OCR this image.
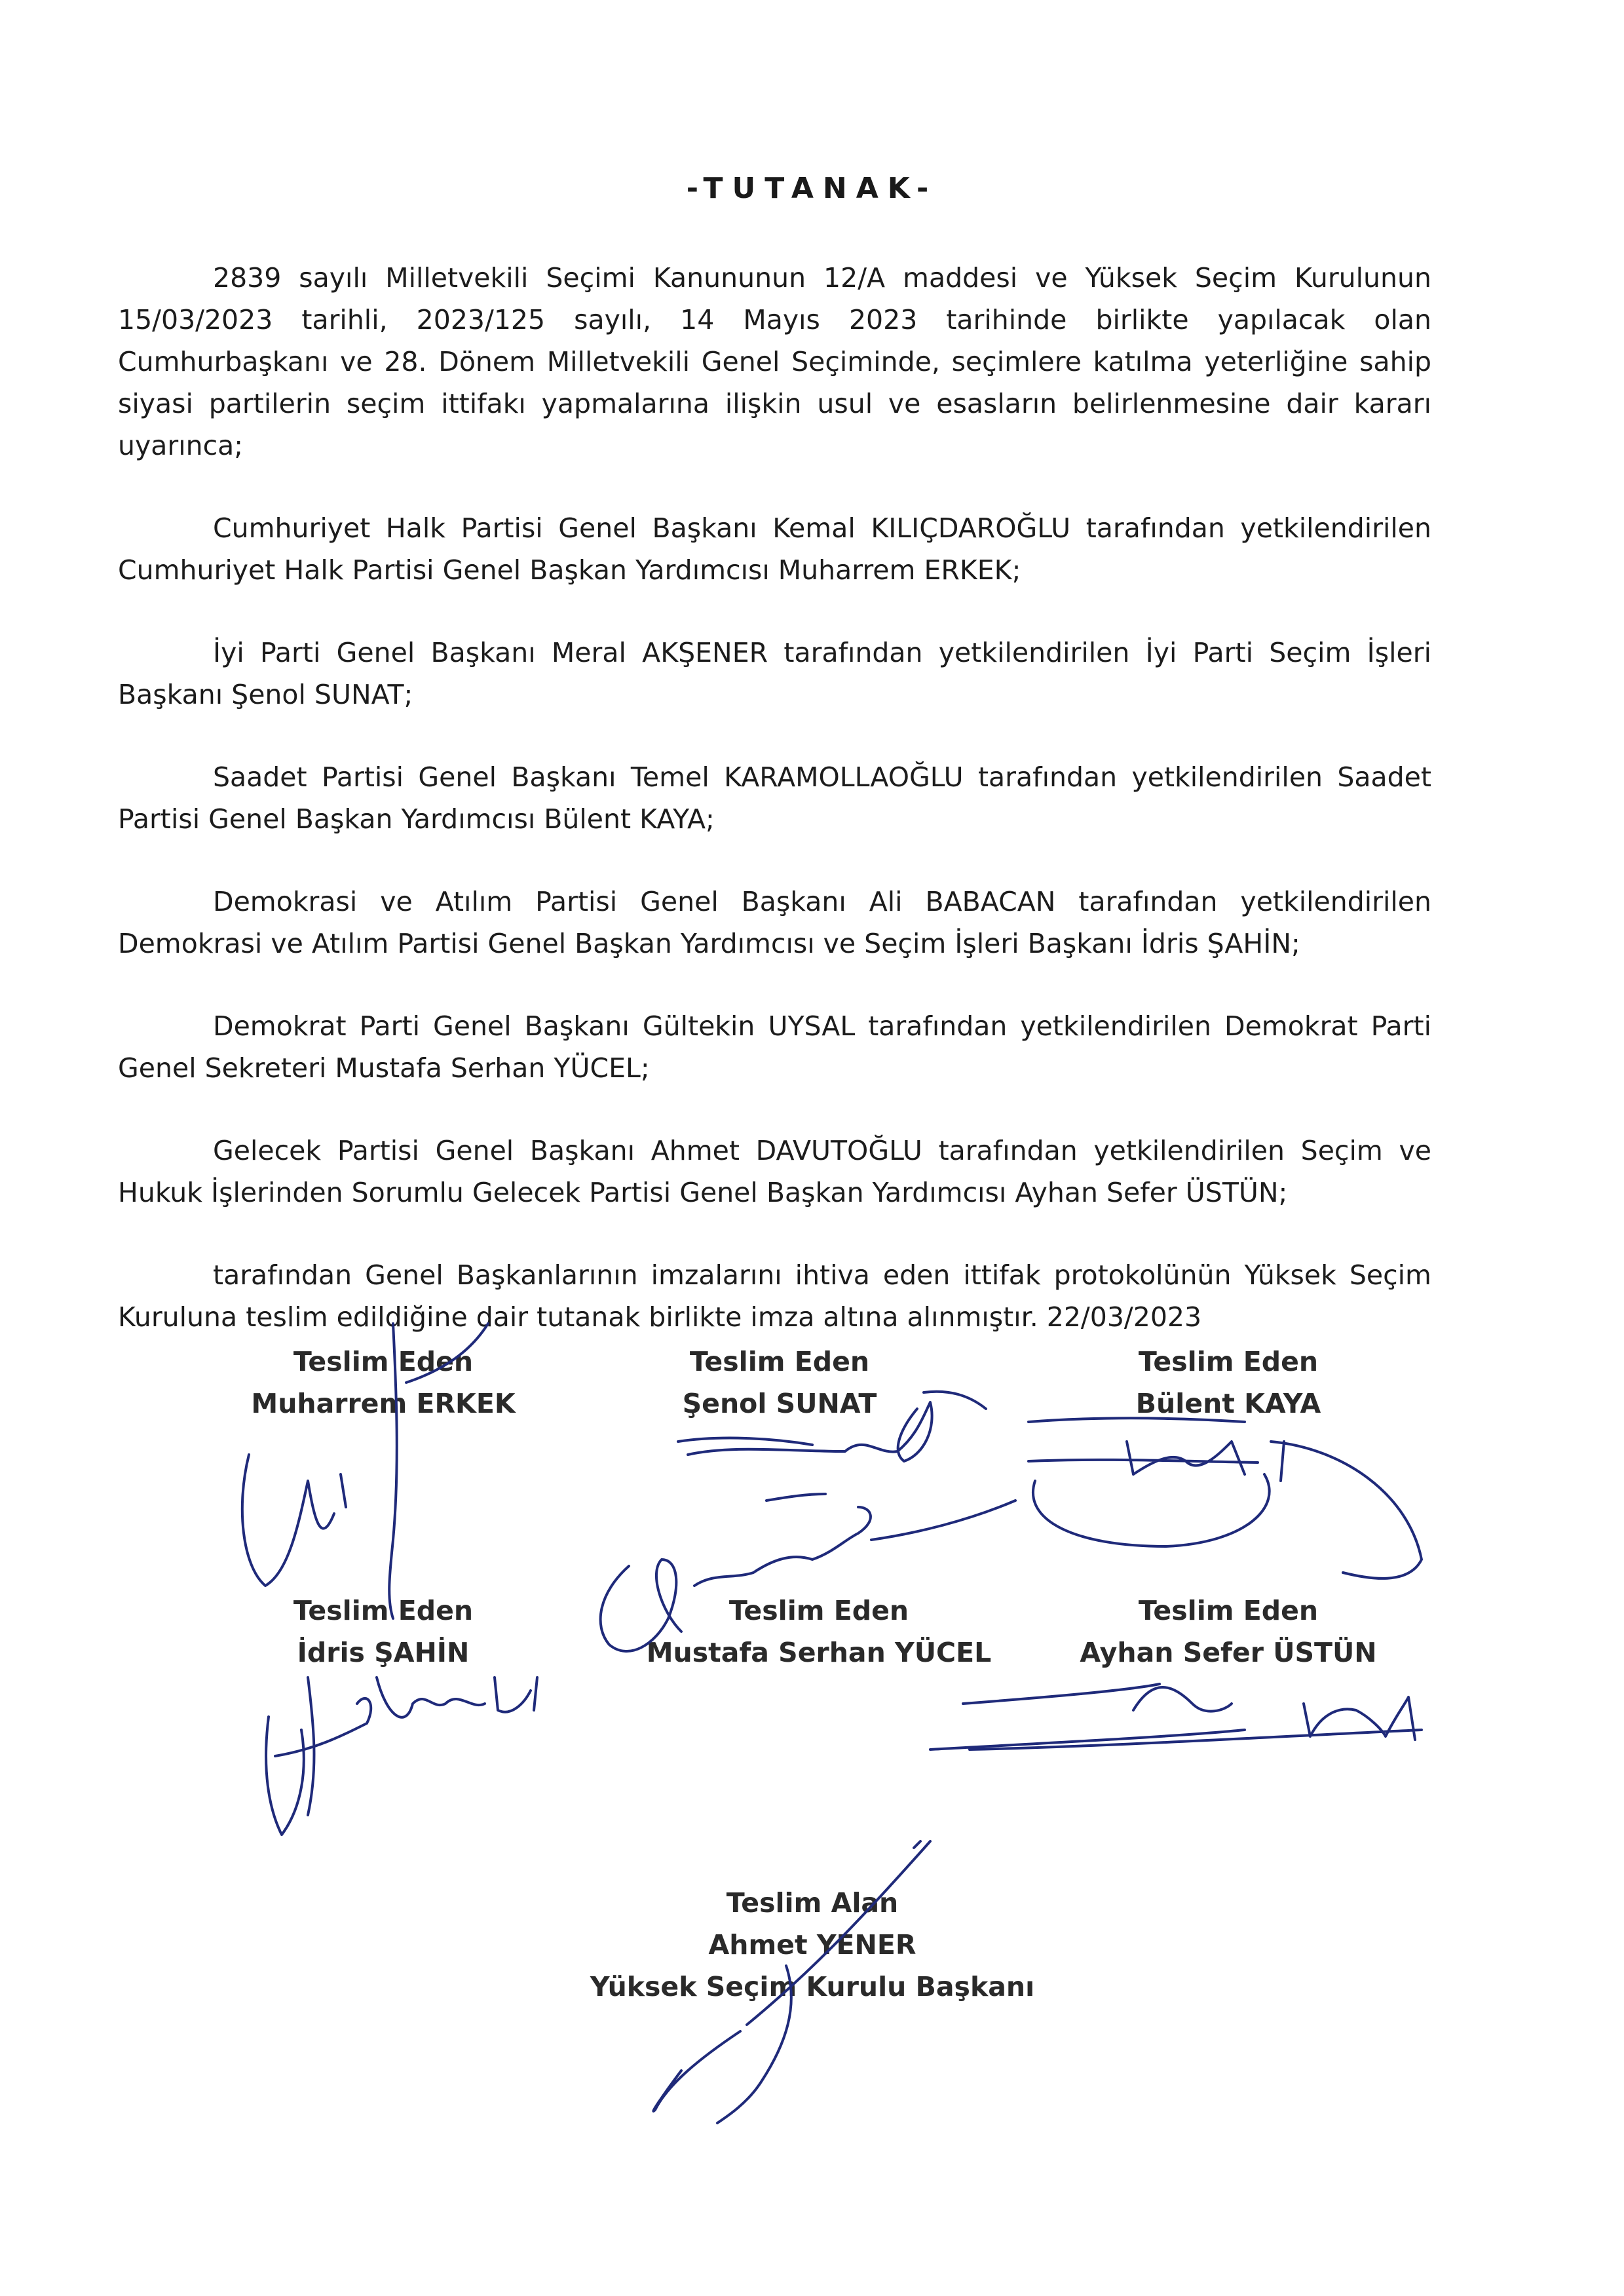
-TUTANAK-

2839 sayılı Milletvekili Seçimi Kanununun 12/A maddesi ve Yüksek Seçim Kurulunun 15/03/2023 tarihli, 2023/125 sayılı, 14 Mayıs 2023 tarihinde birlikte yapılacak olan Cumhurbaşkanı ve 28. Dönem Milletvekili Genel Seçiminde, seçimlere katılma yeterliğine sahip siyasi partilerin seçim ittifakı yapmalarına ilişkin usul ve esasların belirlenmesine dair kararı uyarınca;

Cumhuriyet Halk Partisi Genel Başkanı Kemal KILIÇDAROĞLU tarafından yetkilendirilen Cumhuriyet Halk Partisi Genel Başkan Yardımcısı Muharrem ERKEK;

İyi Parti Genel Başkanı Meral AKŞENER tarafından yetkilendirilen İyi Parti Seçim İşleri Başkanı Şenol SUNAT;

Saadet Partisi Genel Başkanı Temel KARAMOLLAOĞLU tarafından yetkilendirilen Saadet Partisi Genel Başkan Yardımcısı Bülent KAYA;

Demokrasi ve Atılım Partisi Genel Başkanı Ali BABACAN tarafından yetkilendirilen Demokrasi ve Atılım Partisi Genel Başkan Yardımcısı ve Seçim İşleri Başkanı İdris ŞAHİN;

Demokrat Parti Genel Başkanı Gültekin UYSAL tarafından yetkilendirilen Demokrat Parti Genel Sekreteri Mustafa Serhan YÜCEL;

Gelecek Partisi Genel Başkanı Ahmet DAVUTOĞLU tarafından yetkilendirilen Seçim ve Hukuk İşlerinden Sorumlu Gelecek Partisi Genel Başkan Yardımcısı Ayhan Sefer ÜSTÜN;

tarafından Genel Başkanlarının imzalarını ihtiva eden ittifak protokolünün Yüksek Seçim Kuruluna teslim edildiğine dair tutanak birlikte imza altına alınmıştır. 22/03/2023

Teslim Eden
Muharrem ERKEK
Teslim Eden
Şenol SUNAT
Teslim Eden
Bülent KAYA
Teslim Eden
İdris ŞAHİN
Teslim Eden
Mustafa Serhan YÜCEL
Teslim Eden
Ayhan Sefer ÜSTÜN
Teslim Alan
Ahmet YENER
Yüksek Seçim Kurulu Başkanı
